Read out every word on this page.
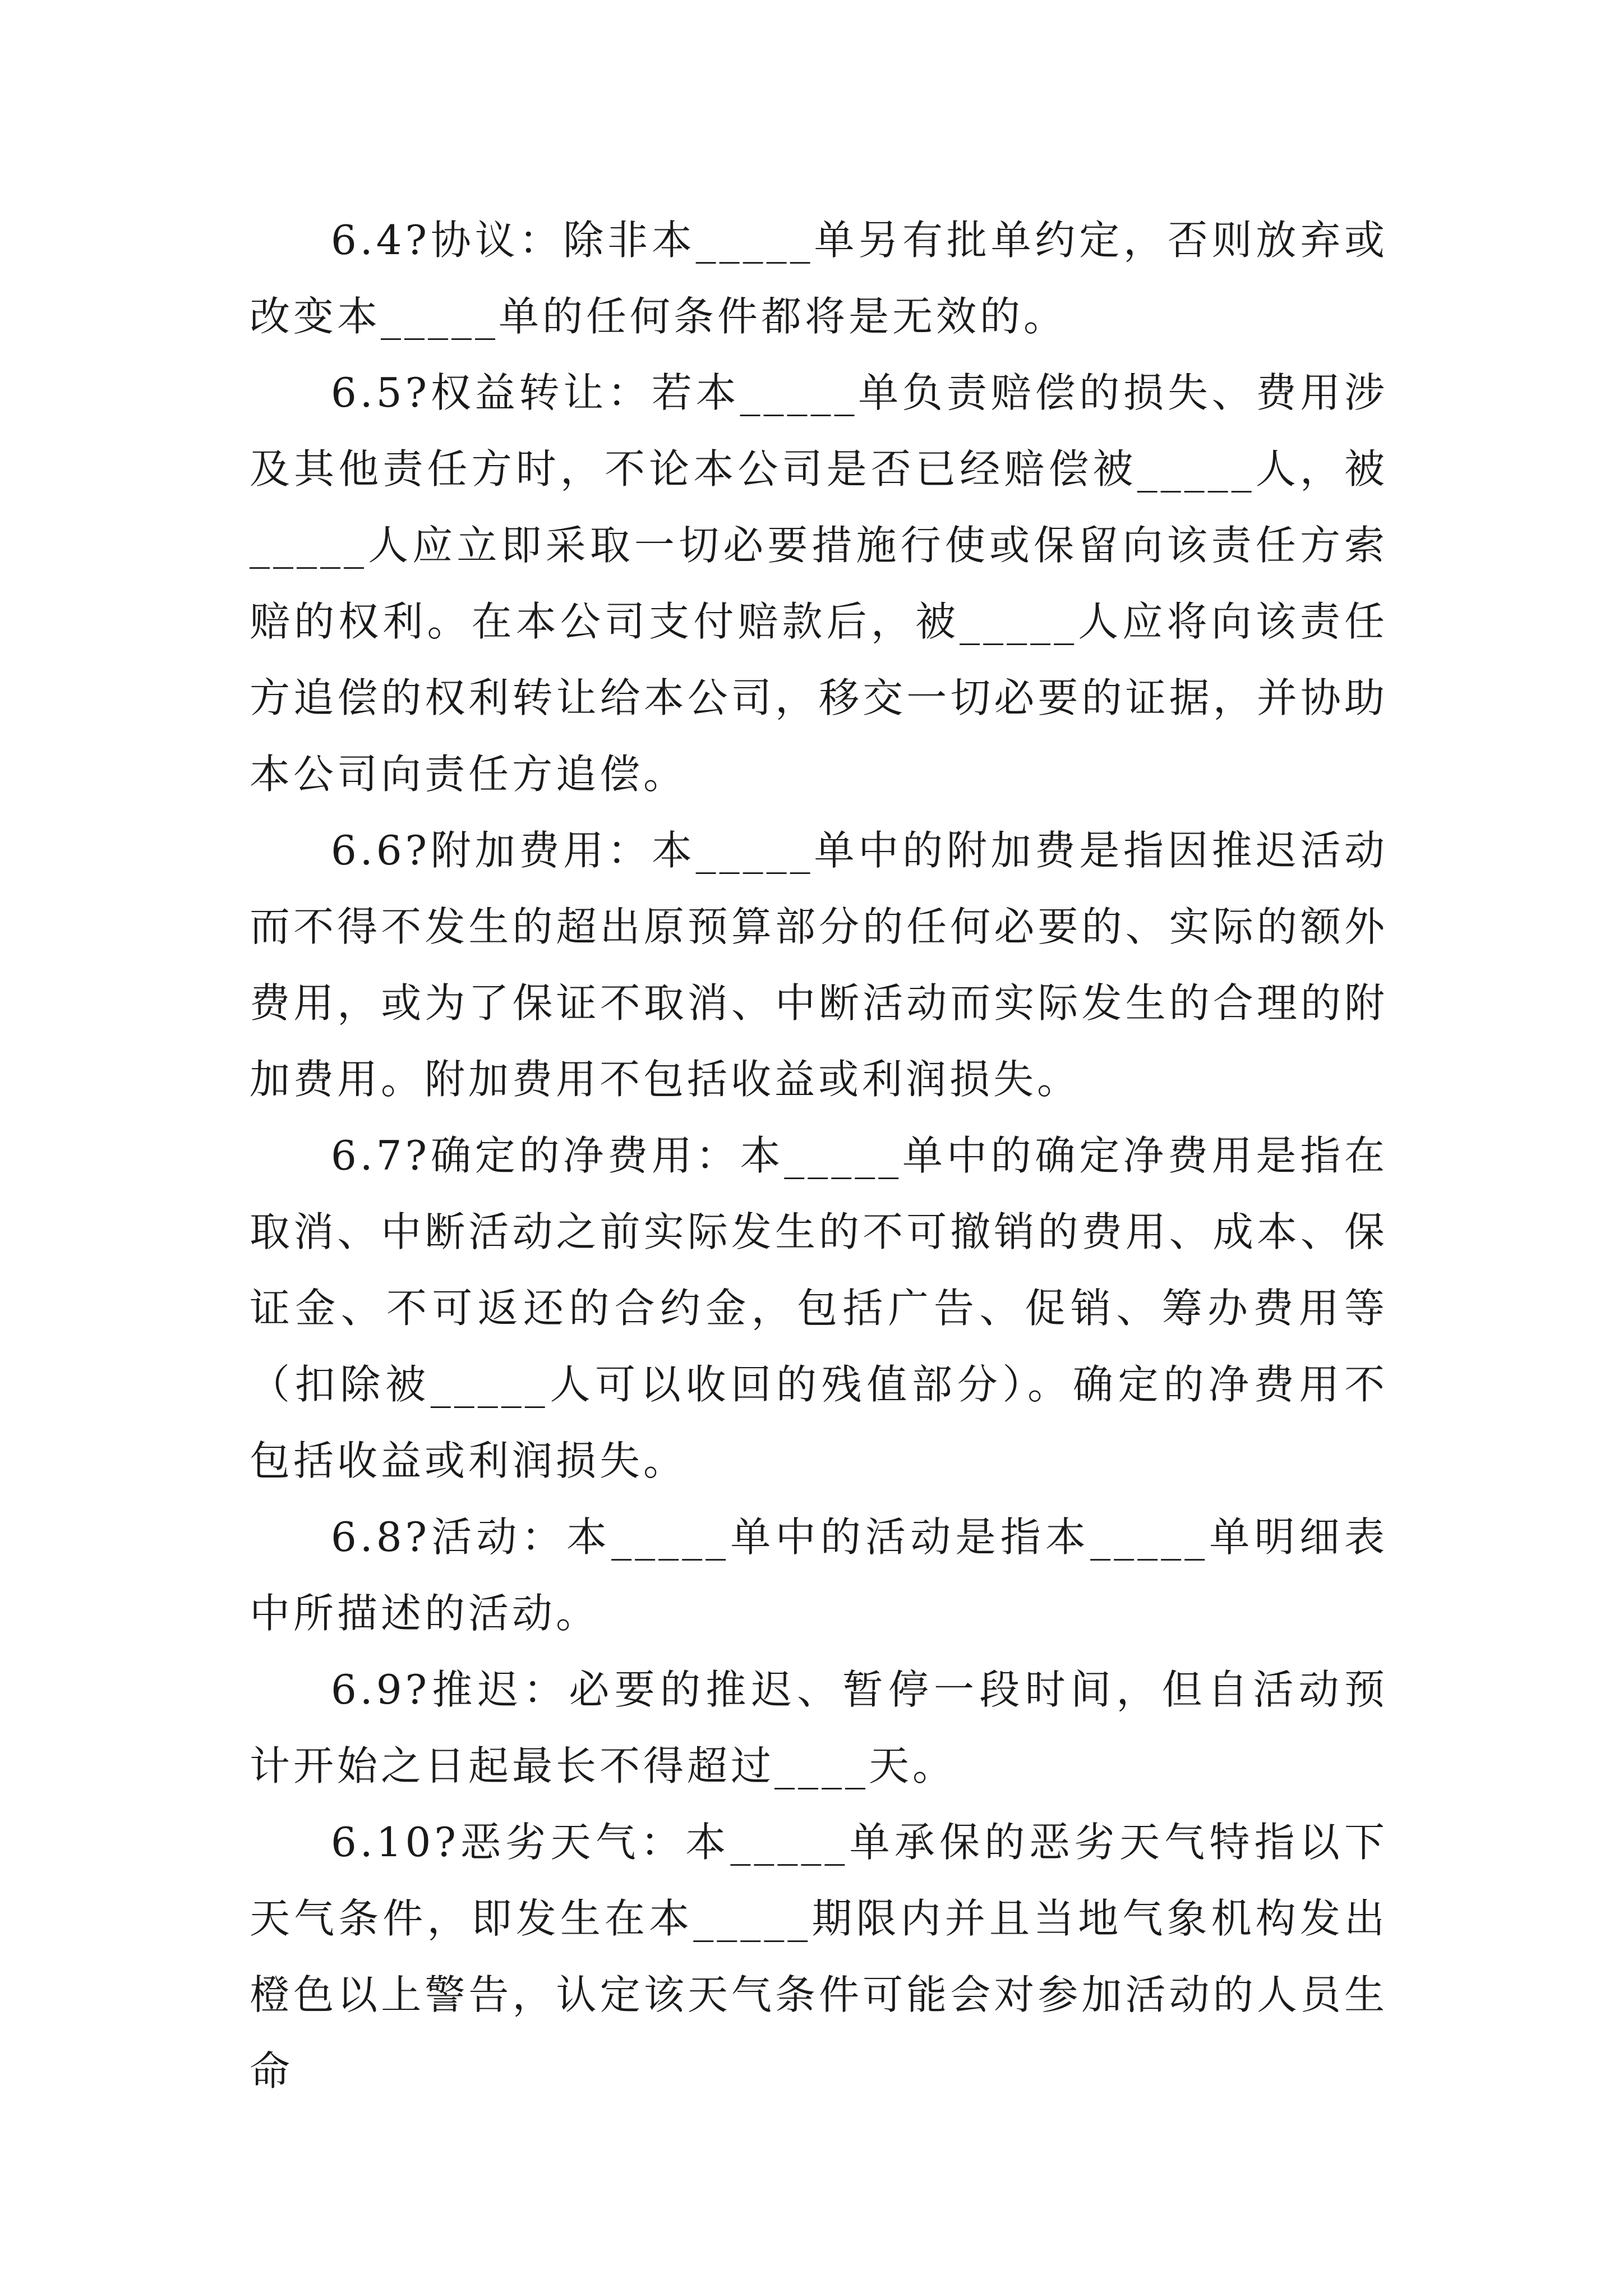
6.4?协议：除非本_____单另有批单约定，否则放弃或改变本_____单的任何条件都将是无效的。

6.5?权益转让：若本_____单负责赔偿的损失、费用涉及其他责任方时，不论本公司是否已经赔偿被_____人，被_____人应立即采取一切必要措施行使或保留向该责任方索赔的权利。在本公司支付赔款后，被_____人应将向该责任方追偿的权利转让给本公司，移交一切必要的证据，并协助本公司向责任方追偿。

6.6?附加费用：本_____单中的附加费是指因推迟活动而不得不发生的超出原预算部分的任何必要的、实际的额外费用，或为了保证不取消、中断活动而实际发生的合理的附加费用。附加费用不包括收益或利润损失。

6.7?确定的净费用：本_____单中的确定净费用是指在取消、中断活动之前实际发生的不可撤销的费用、成本、保证金、不可返还的合约金，包括广告、促销、筹办费用等（扣除被_____人可以收回的残值部分）。确定的净费用不包括收益或利润损失。

6.8?活动：本_____单中的活动是指本_____单明细表中所描述的活动。

6.9?推迟：必要的推迟、暂停一段时间，但自活动预计开始之日起最长不得超过____天。

6.10?恶劣天气：本_____单承保的恶劣天气特指以下天气条件，即发生在本_____期限内并且当地气象机构发出橙色以上警告，认定该天气条件可能会对参加活动的人员生命
